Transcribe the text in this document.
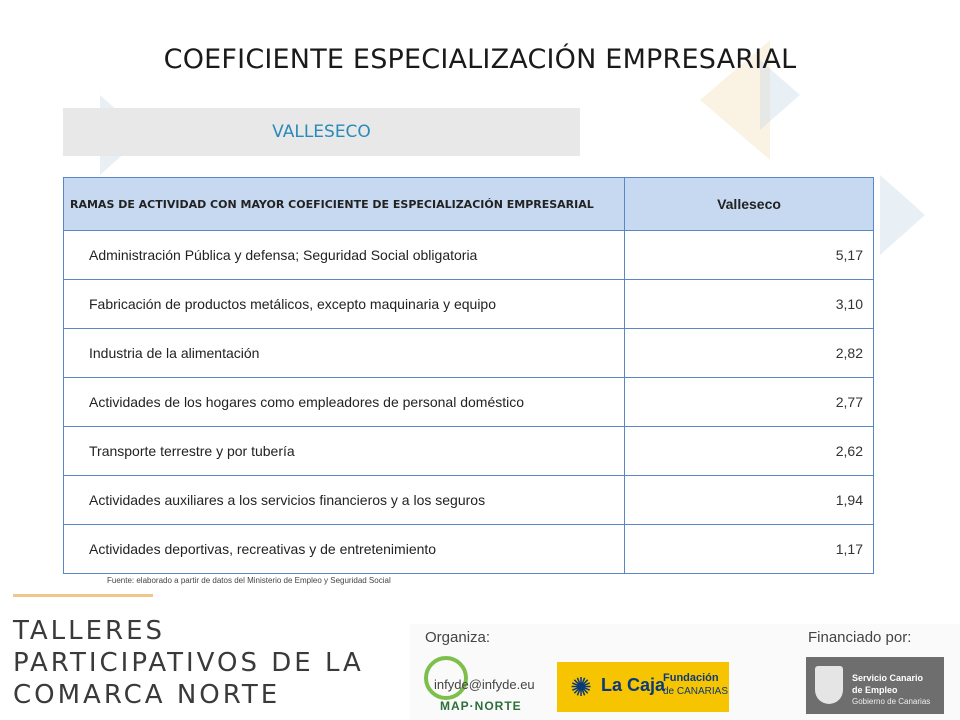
COEFICIENTE ESPECIALIZACIÓN EMPRESARIAL
VALLESECO
RAMAS DE ACTIVIDAD CON MAYOR COEFICIENTE DE ESPECIALIZACIÓN EMPRESARIAL	Valleseco
Administración Pública y defensa; Seguridad Social obligatoria	5,17
Fabricación de productos metálicos, excepto maquinaria y equipo	3,10
Industria de la alimentación	2,82
Actividades de los hogares como empleadores de personal doméstico	2,77
Transporte terrestre y por tubería	2,62
Actividades auxiliares a los servicios financieros y a los seguros	1,94
Actividades deportivas, recreativas y de entretenimiento	1,17
Fuente: elaborado a partir de datos del Ministerio de Empleo y Seguridad Social
TALLERES
PARTICIPATIVOS DE LA
COMARCA NORTE
Organiza:	Financiado por:
MAP·NORTE
infyde@infyde.eu ✺ La Caja
Fundación
de CANARIAS
Servicio Canario
de Empleo
Gobierno de Canarias
